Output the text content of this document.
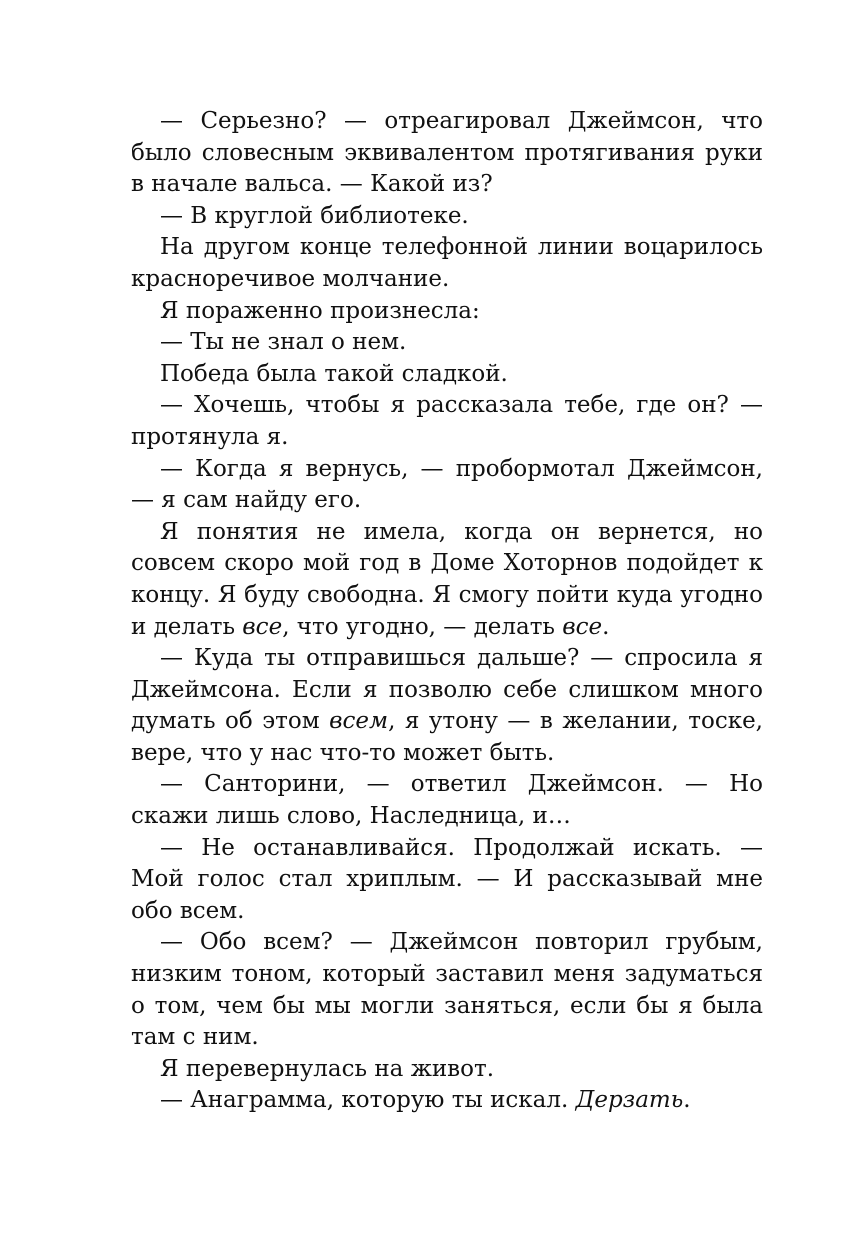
— Серьезно? — отреагировал Джеймсон, что было словесным эквивалентом протягивания руки в начале вальса. — Какой из?

— В круглой библиотеке.

На другом конце телефонной линии воцарилось красноречивое молчание.

Я пораженно произнесла:

— Ты не знал о нем.

Победа была такой сладкой.

— Хочешь, чтобы я рассказала тебе, где он? — протянула я.

— Когда я вернусь, — пробормотал Джеймсон, — я сам найду его.

Я понятия не имела, когда он вернется, но совсем скоро мой год в Доме Хоторнов подойдет к концу. Я буду свободна. Я смогу пойти куда угодно и делать все, что угодно, — делать все.

— Куда ты отправишься дальше? — спросила я Джеймсона. Если я позволю себе слишком много думать об этом всем, я утону — в желании, тоске, вере, что у нас что-то может быть.

— Санторини, — ответил Джеймсон. — Но скажи лишь слово, Наследница, и…

— Не останавливайся. Продолжай искать. — Мой голос стал хриплым. — И рассказывай мне обо всем.

— Обо всем? — Джеймсон повторил грубым, низким тоном, который заставил меня задуматься о том, чем бы мы могли заняться, если бы я была там с ним.

Я перевернулась на живот.

— Анаграмма, которую ты искал. Дерзать.
